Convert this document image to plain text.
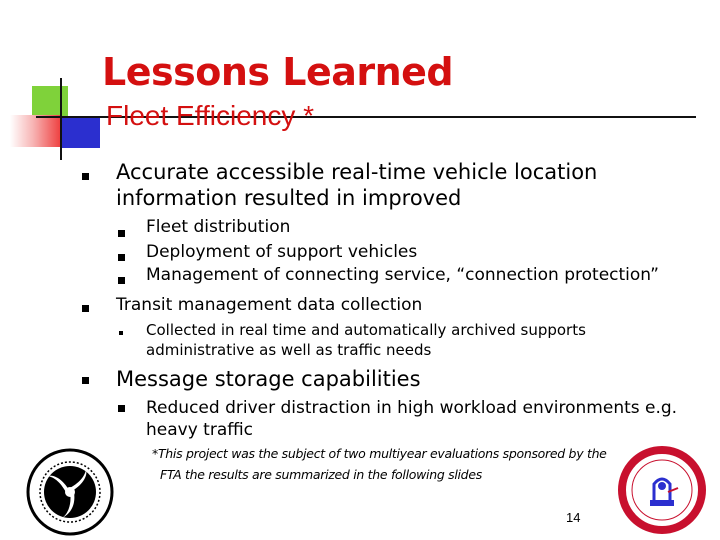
Lessons Learned
Fleet Efficiency *
Accurate accessible real-time vehicle location
information resulted in improved
Fleet distribution
Deployment of support vehicles
Management of connecting service, “connection protection”
Transit management data collection
Collected in real time and automatically archived supports
administrative as well as traffic needs
Message storage capabilities
Reduced driver distraction in high workload environments e.g.
heavy traffic
*This project was the subject of two multiyear evaluations sponsored by the
FTA the results are summarized in the following slides
14
